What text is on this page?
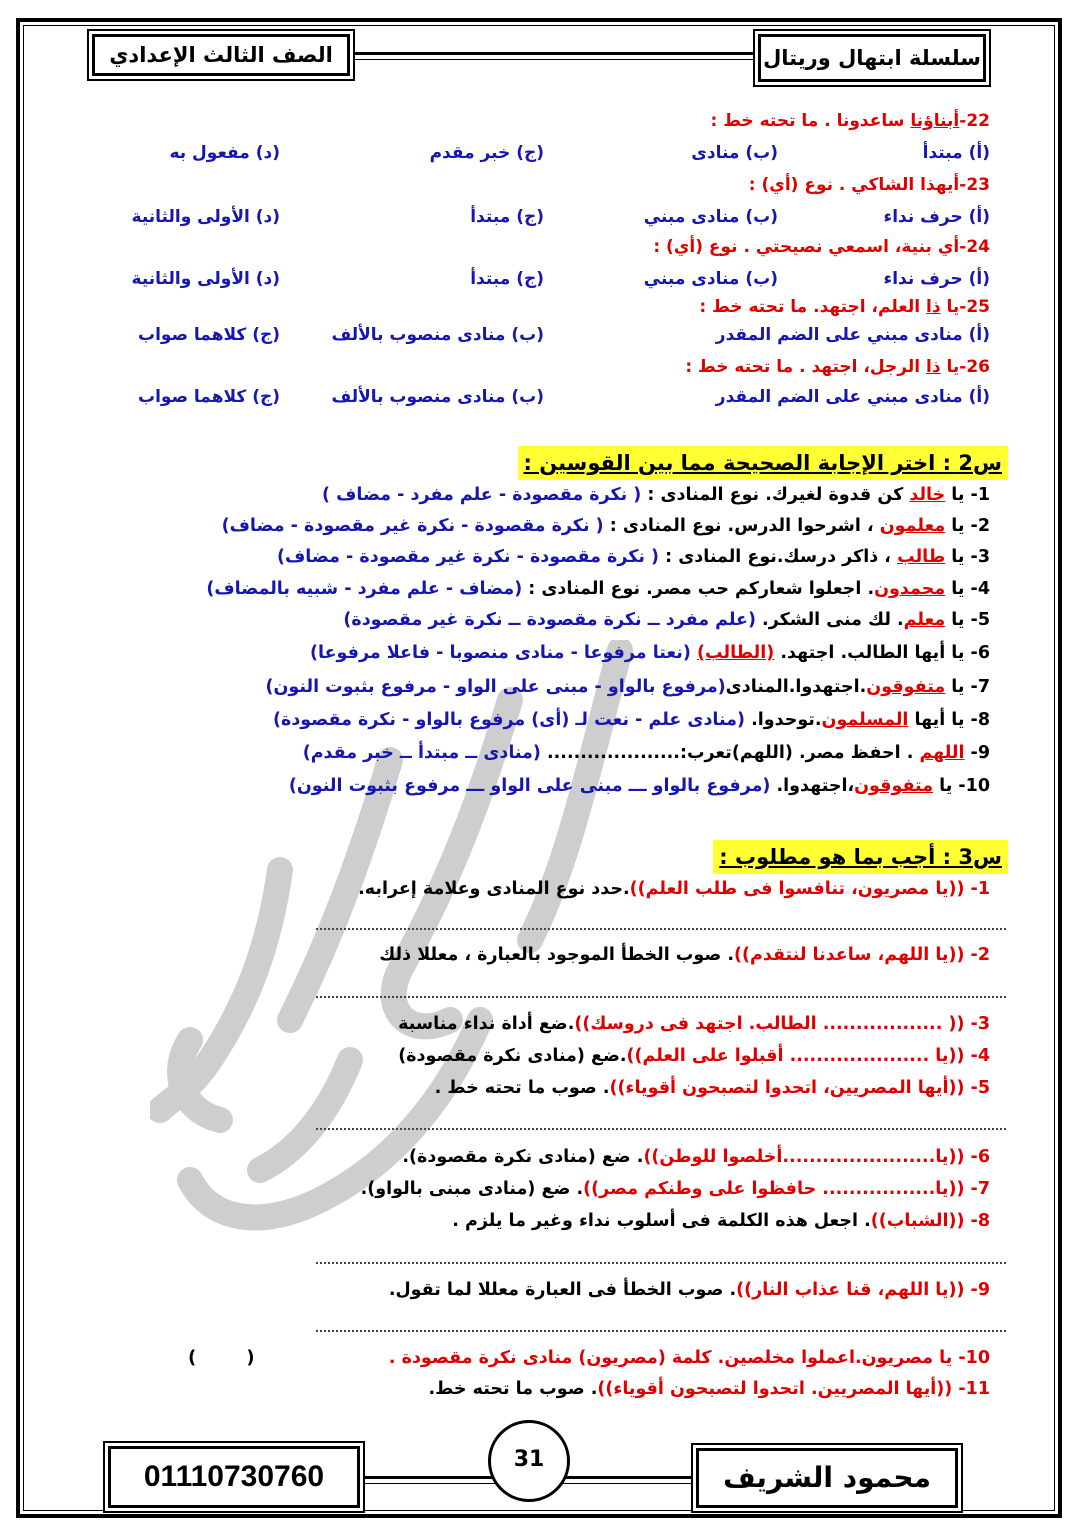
سلسلة ابتهال وريتال
الصف الثالث الإعدادي
22-أبناؤنا ساعدونا . ما تحته خط :
(أ) مبتدأ
(ب) منادى
(ج) خبر مقدم
(د) مفعول به
23-أيهذا الشاكي . نوع (أي) :
(أ) حرف نداء
(ب) منادى مبني
(ج) مبتدأ
(د) الأولى والثانية
24-أي بنية، اسمعي نصيحتي . نوع (أي) :
(أ) حرف نداء
(ب) منادى مبني
(ج) مبتدأ
(د) الأولى والثانية
25-يا ذا العلم، اجتهد. ما تحته خط :
(أ) منادى مبني على الضم المقدر
(ب) منادى منصوب بالألف
(ج) كلاهما صواب
26-يا ذا الرجل، اجتهد . ما تحته خط :
(أ) منادى مبني على الضم المقدر
(ب) منادى منصوب بالألف
(ج) كلاهما صواب
س2 : اختر الإجابة الصحيحة مما بين القوسين :
1- يا خالد كن قدوة لغيرك. نوع المنادى : ( نكرة مقصودة - علم مفرد - مضاف )
2- يا معلمون ، اشرحوا الدرس. نوع المنادى : ( نكرة مقصودة - نكرة غير مقصودة - مضاف)
3- يا طالب ، ذاكر درسك.نوع المنادى : ( نكرة مقصودة - نكرة غير مقصودة - مضاف)
4- يا محمدون. اجعلوا شعاركم حب مصر. نوع المنادى : (مضاف - علم مفرد - شبيه بالمضاف)
5- يا معلم. لك منى الشكر. (علم مفرد ــ نكرة مقصودة ــ نكرة غير مقصودة)
6- يا أيها الطالب. اجتهد. (الطالب) (نعتا مرفوعا - منادى منصوبا - فاعلا مرفوعا)
7- يا متفوقون.اجتهدوا.المنادى(مرفوع بالواو - مبنى على الواو - مرفوع بثبوت النون)
8- يا أيها المسلمون.توحدوا. (منادى علم - نعت لـ (أى) مرفوع بالواو - نكرة مقصودة)
9- اللهم . احفظ مصر. (اللهم)تعرب:.................... (منادى ــ مبتدأ ــ خبر مقدم)
10- يا متفوقون،اجتهدوا. (مرفوع بالواو ـــ مبنى على الواو ـــ مرفوع بثبوت النون)
س3 : أجب بما هو مطلوب :
1- ((يا مصريون، تنافسوا فى طلب العلم)).حدد نوع المنادى وعلامة إعرابه.
2- ((يا اللهم، ساعدنا لنتقدم)). صوب الخطأ الموجود بالعبارة ، معللا ذلك
3- (( .................. الطالب. اجتهد فى دروسك)).ضع أداة نداء مناسبة
4- ((يا ..................... أقبلوا على العلم)).ضع (منادى نكرة مقصودة)
5- ((أيها المصريين، اتحدوا لتصبحون أقوياء)). صوب ما تحته خط .
6- ((يا.......................أخلصوا للوطن)). ضع (منادى نكرة مقصودة).
7- ((يا................. حافظوا على وطنكم مصر)). ضع (منادى مبنى بالواو).
8- ((الشباب)). اجعل هذه الكلمة فى أسلوب نداء وغير ما يلزم .
9- ((يا اللهم، قنا عذاب النار)). صوب الخطأ فى العبارة معللا لما تقول.
10- يا مصريون.اعملوا مخلصين. كلمة (مصريون) منادى نكرة مقصودة .
(        )
11- ((أيها المصريين. اتحدوا لتصبحون أقوياء)). صوب ما تحته خط.
محمود الشريف
01110730760
31
